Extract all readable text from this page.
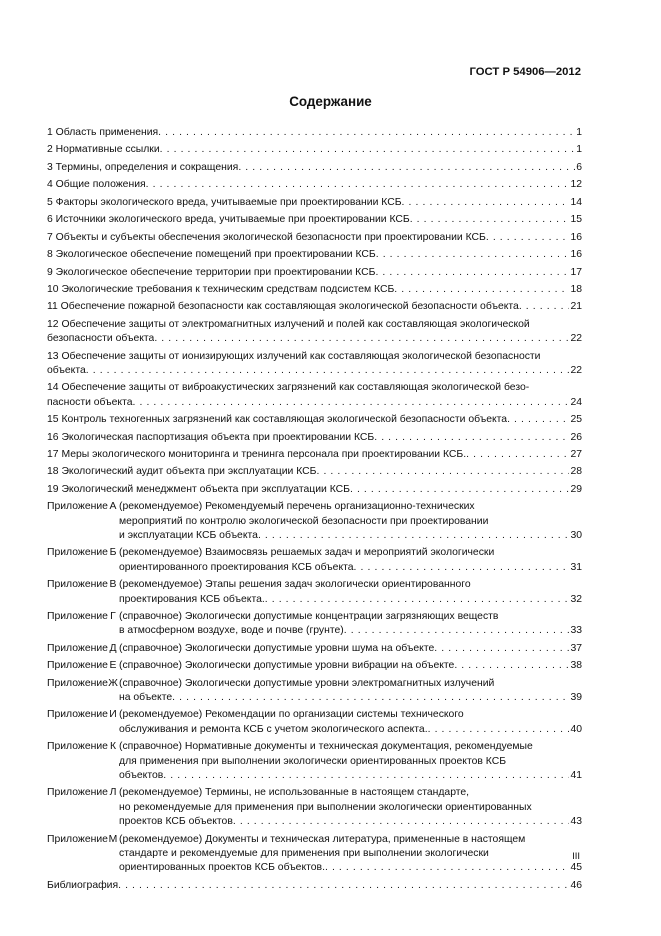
ГОСТ Р 54906—2012
Содержание
1 Область применения . . .	1
2 Нормативные ссылки . . .	1
3 Термины, определения и сокращения . . .	6
4 Общие положения . . .	12
5 Факторы экологического вреда, учитываемые при проектировании КСБ . . .	14
6 Источники экологического вреда, учитываемые при проектировании КСБ . . .	15
7 Объекты и субъекты обеспечения экологической безопасности при проектировании КСБ . . .	16
8 Экологическое обеспечение помещений при проектировании КСБ . . .	16
9 Экологическое обеспечение территории при проектировании КСБ . . .	17
10 Экологические требования к техническим средствам подсистем КСБ . . .	18
11 Обеспечение пожарной безопасности как составляющая экологической безопасности объекта . . .	21
12 Обеспечение защиты от электромагнитных излучений и полей как составляющая экологической
безопасности объекта . . .	22
13 Обеспечение защиты от ионизирующих излучений как составляющая экологической безопасности
объекта . . .	22
14 Обеспечение защиты от виброакустических загрязнений как составляющая экологической безо-
пасности объекта . . .	24
15 Контроль техногенных загрязнений как составляющая экологической безопасности объекта . . .	25
16 Экологическая паспортизация объекта при проектировании КСБ . . .	26
17 Меры экологического мониторинга и тренинга персонала при проектировании КСБ. . . .	27
18 Экологический аудит объекта при эксплуатации КСБ . . .	28
19 Экологический менеджмент объекта при эксплуатации КСБ . . .	29
Приложение А (рекомендуемое) Рекомендуемый перечень организационно-технических
мероприятий по контролю экологической безопасности при проектировании
и эксплуатации КСБ объекта . . .	30
Приложение Б (рекомендуемое) Взаимосвязь решаемых задач и мероприятий экологически
ориентированного проектирования КСБ объекта . . .	31
Приложение В (рекомендуемое) Этапы решения задач экологически ориентированного
проектирования КСБ объекта. . . .	32
Приложение Г (справочное) Экологически допустимые концентрации загрязняющих веществ
в атмосферном воздухе, воде и почве (грунте) . . .	33
Приложение Д (справочное) Экологически допустимые уровни шума на объекте . . .	37
Приложение Е (справочное) Экологически допустимые уровни вибрации на объекте . . .	38
Приложение Ж (справочное) Экологически допустимые уровни электромагнитных излучений
на объекте . . .	39
Приложение И (рекомендуемое) Рекомендации по организации системы технического
обслуживания и ремонта КСБ с учетом экологического аспекта. . . .	40
Приложение К (справочное) Нормативные документы и техническая документация, рекомендуемые
для применения при выполнении экологически ориентированных проектов КСБ
объектов . . .	41
Приложение Л (рекомендуемое) Термины, не использованные в настоящем стандарте,
но рекомендуемые для применения при выполнении экологически ориентированных
проектов КСБ объектов . . .	43
Приложение М (рекомендуемое) Документы и техническая литература, примененные в настоящем
стандарте и рекомендуемые для применения при выполнении экологически
ориентированных проектов КСБ объектов. . . .	45
Библиография . . .	46
III
